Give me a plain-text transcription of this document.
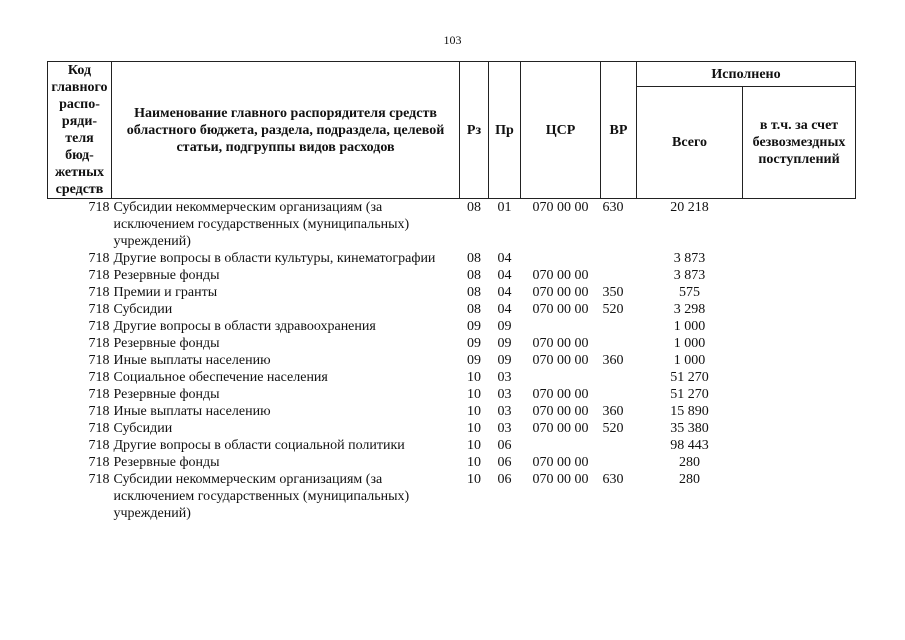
103
Код главного распо-ряди-теля бюд-жетных средств	Наименование главного распорядителя средств областного бюджета, раздела, подраздела, целевой статьи, подгруппы видов расходов	Рз	Пр	ЦСР	ВР	Исполнено	
						Всего	в т.ч. за счет безвозмездных поступлений
718	Субсидии некоммерческим организациям (за исключением государственных (муниципальных) учреждений)	08	01	070 00 00	630	20 218	
718	Другие вопросы в области культуры, кинематографии	08	04			3 873	
718	Резервные фонды	08	04	070 00 00		3 873	
718	Премии и гранты	08	04	070 00 00	350	575	
718	Субсидии	08	04	070 00 00	520	3 298	
718	Другие вопросы в области здравоохранения	09	09			1 000	
718	Резервные фонды	09	09	070 00 00		1 000	
718	Иные выплаты населению	09	09	070 00 00	360	1 000	
718	Социальное обеспечение населения	10	03			51 270	
718	Резервные фонды	10	03	070 00 00		51 270	
718	Иные выплаты населению	10	03	070 00 00	360	15 890	
718	Субсидии	10	03	070 00 00	520	35 380	
718	Другие вопросы в области социальной политики	10	06			98 443	
718	Резервные фонды	10	06	070 00 00		280	
718	Субсидии некоммерческим организациям (за исключением государственных (муниципальных) учреждений)	10	06	070 00 00	630	280	
